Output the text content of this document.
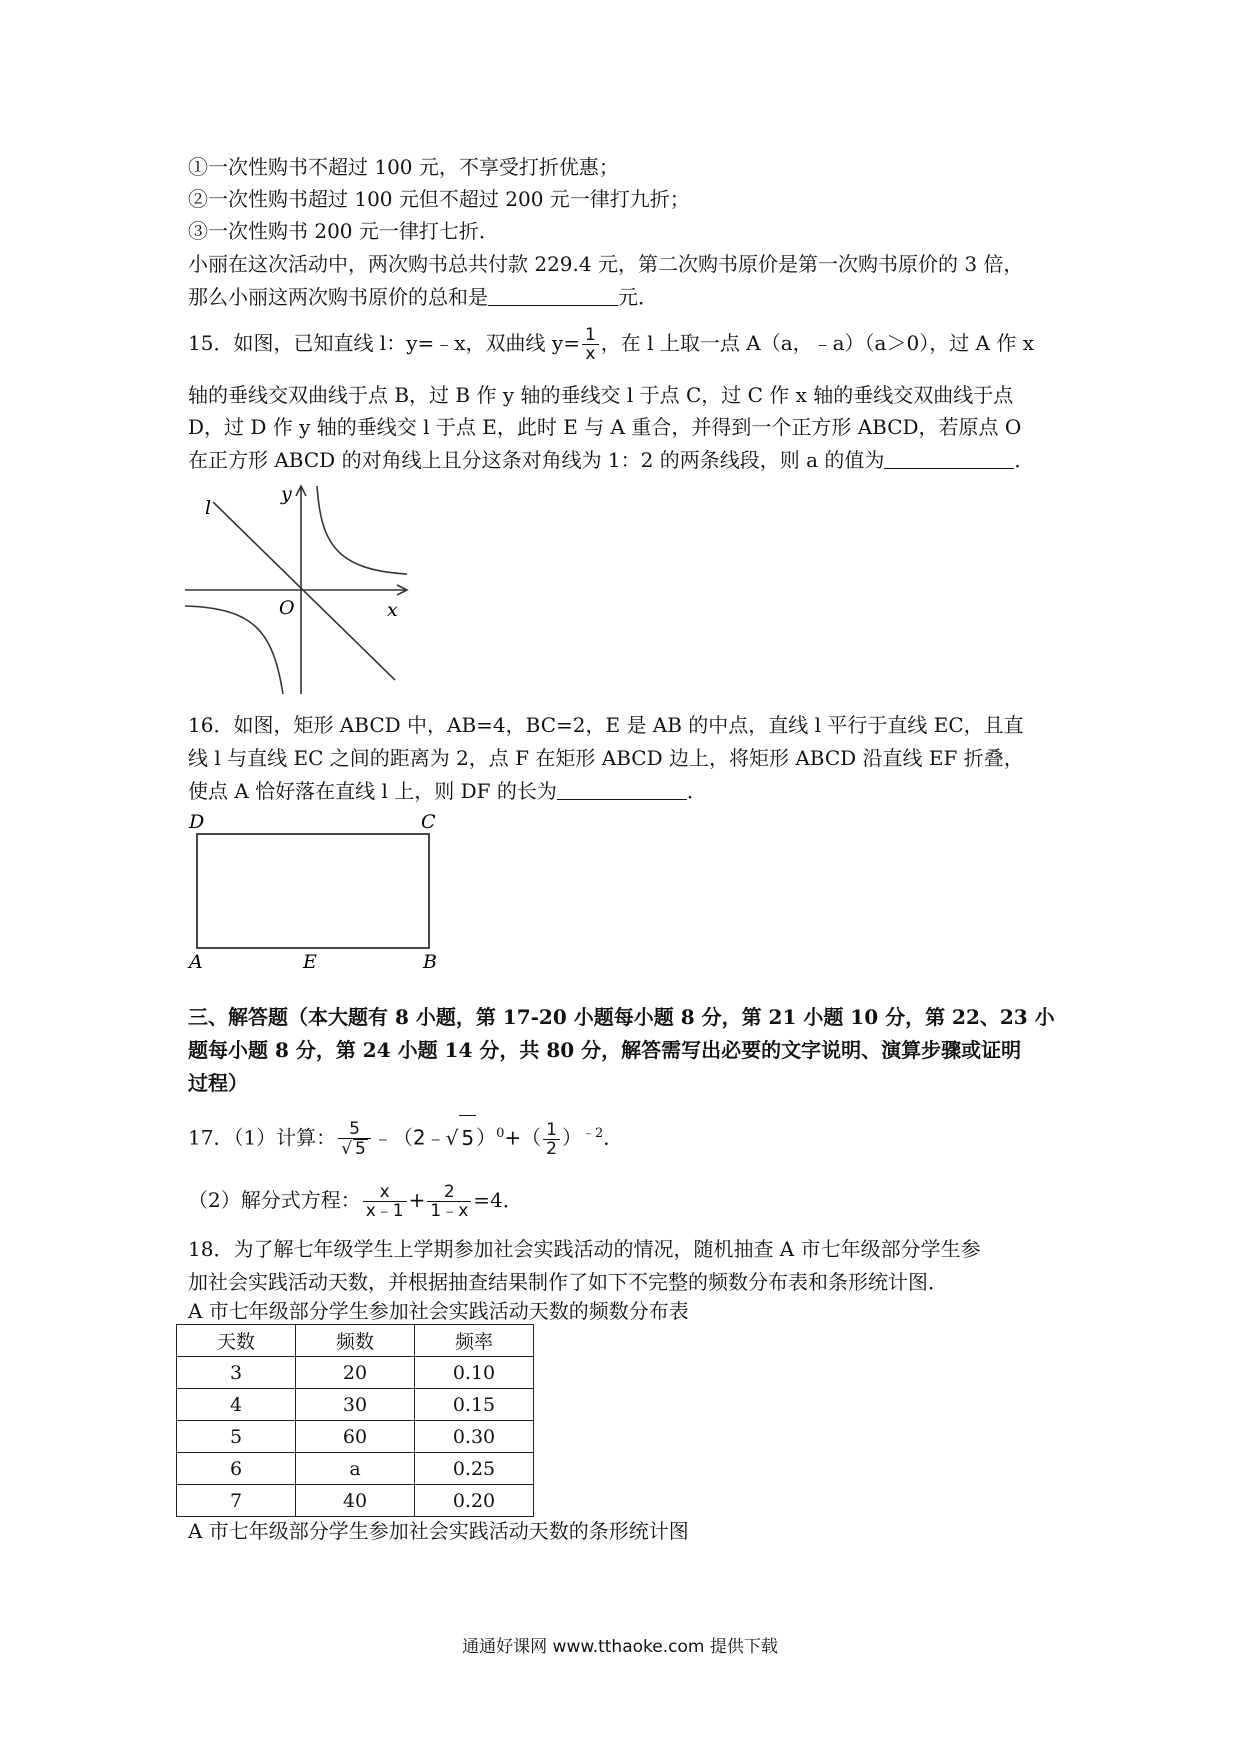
①一次性购书不超过 100 元，不享受打折优惠；
②一次性购书超过 100 元但不超过 200 元一律打九折；
③一次性购书 200 元一律打七折．
小丽在这次活动中，两次购书总共付款 229.4 元，第二次购书原价是第一次购书原价的 3 倍，
那么小丽这两次购书原价的总和是	元．
15．如图，已知直线 l：y=﹣x，双曲线 $y= \frac{1}{x}$ ，在 l 上取一点 A（a，﹣a）（a＞0），过 A 作 x
轴的垂线交双曲线于点 B，过 B 作 y 轴的垂线交 l 于点 C，过 C 作 x 轴的垂线交双曲线于点
D，过 D 作 y 轴的垂线交 l 于点 E，此时 E 与 A 重合，并得到一个正方形 ABCD，若原点 O
在正方形 ABCD 的对角线上且分这条对角线为 1：2 的两条线段，则 a 的值为	．
l
y
O	x
16．如图，矩形 ABCD 中，AB=4，BC=2，E 是 AB 的中点，直线 l 平行于直线 EC，且直
线 l 与直线 EC 之间的距离为 2，点 F 在矩形 ABCD 边上，将矩形 ABCD 沿直线 EF 折叠，
使点 A 恰好落在直线 l 上，则 DF 的长为	．
D	C
A	E	B
三、解答题（本大题有 8 小题，第 17-20 小题每小题 8 分，第 21 小题 10 分，第 22、23 小
题每小题 8 分，第 24 小题 14 分，共 80 分，解答需写出必要的文字说明、演算步骤或证明
过程）
17．（1）计算： $\frac{5}{√ 5}$ ﹣（2﹣√ 5 ）$^0+( \frac{1}{2} )^{﹣2}$．
（2）解分式方程： $\frac{x}{x﹣1} + \frac{2}{1﹣x} =4$．
18．为了解七年级学生上学期参加社会实践活动的情况，随机抽查 A 市七年级部分学生参
加社会实践活动天数，并根据抽查结果制作了如下不完整的频数分布表和条形统计图．
A 市七年级部分学生参加社会实践活动天数的频数分布表
天数	频数	频率
3	20	0.10
4	30	0.15
5	60	0.30
6	a	0.25
7	40	0.20
A 市七年级部分学生参加社会实践活动天数的条形统计图
通通好课网 www.tthaoke.com 提供下载
